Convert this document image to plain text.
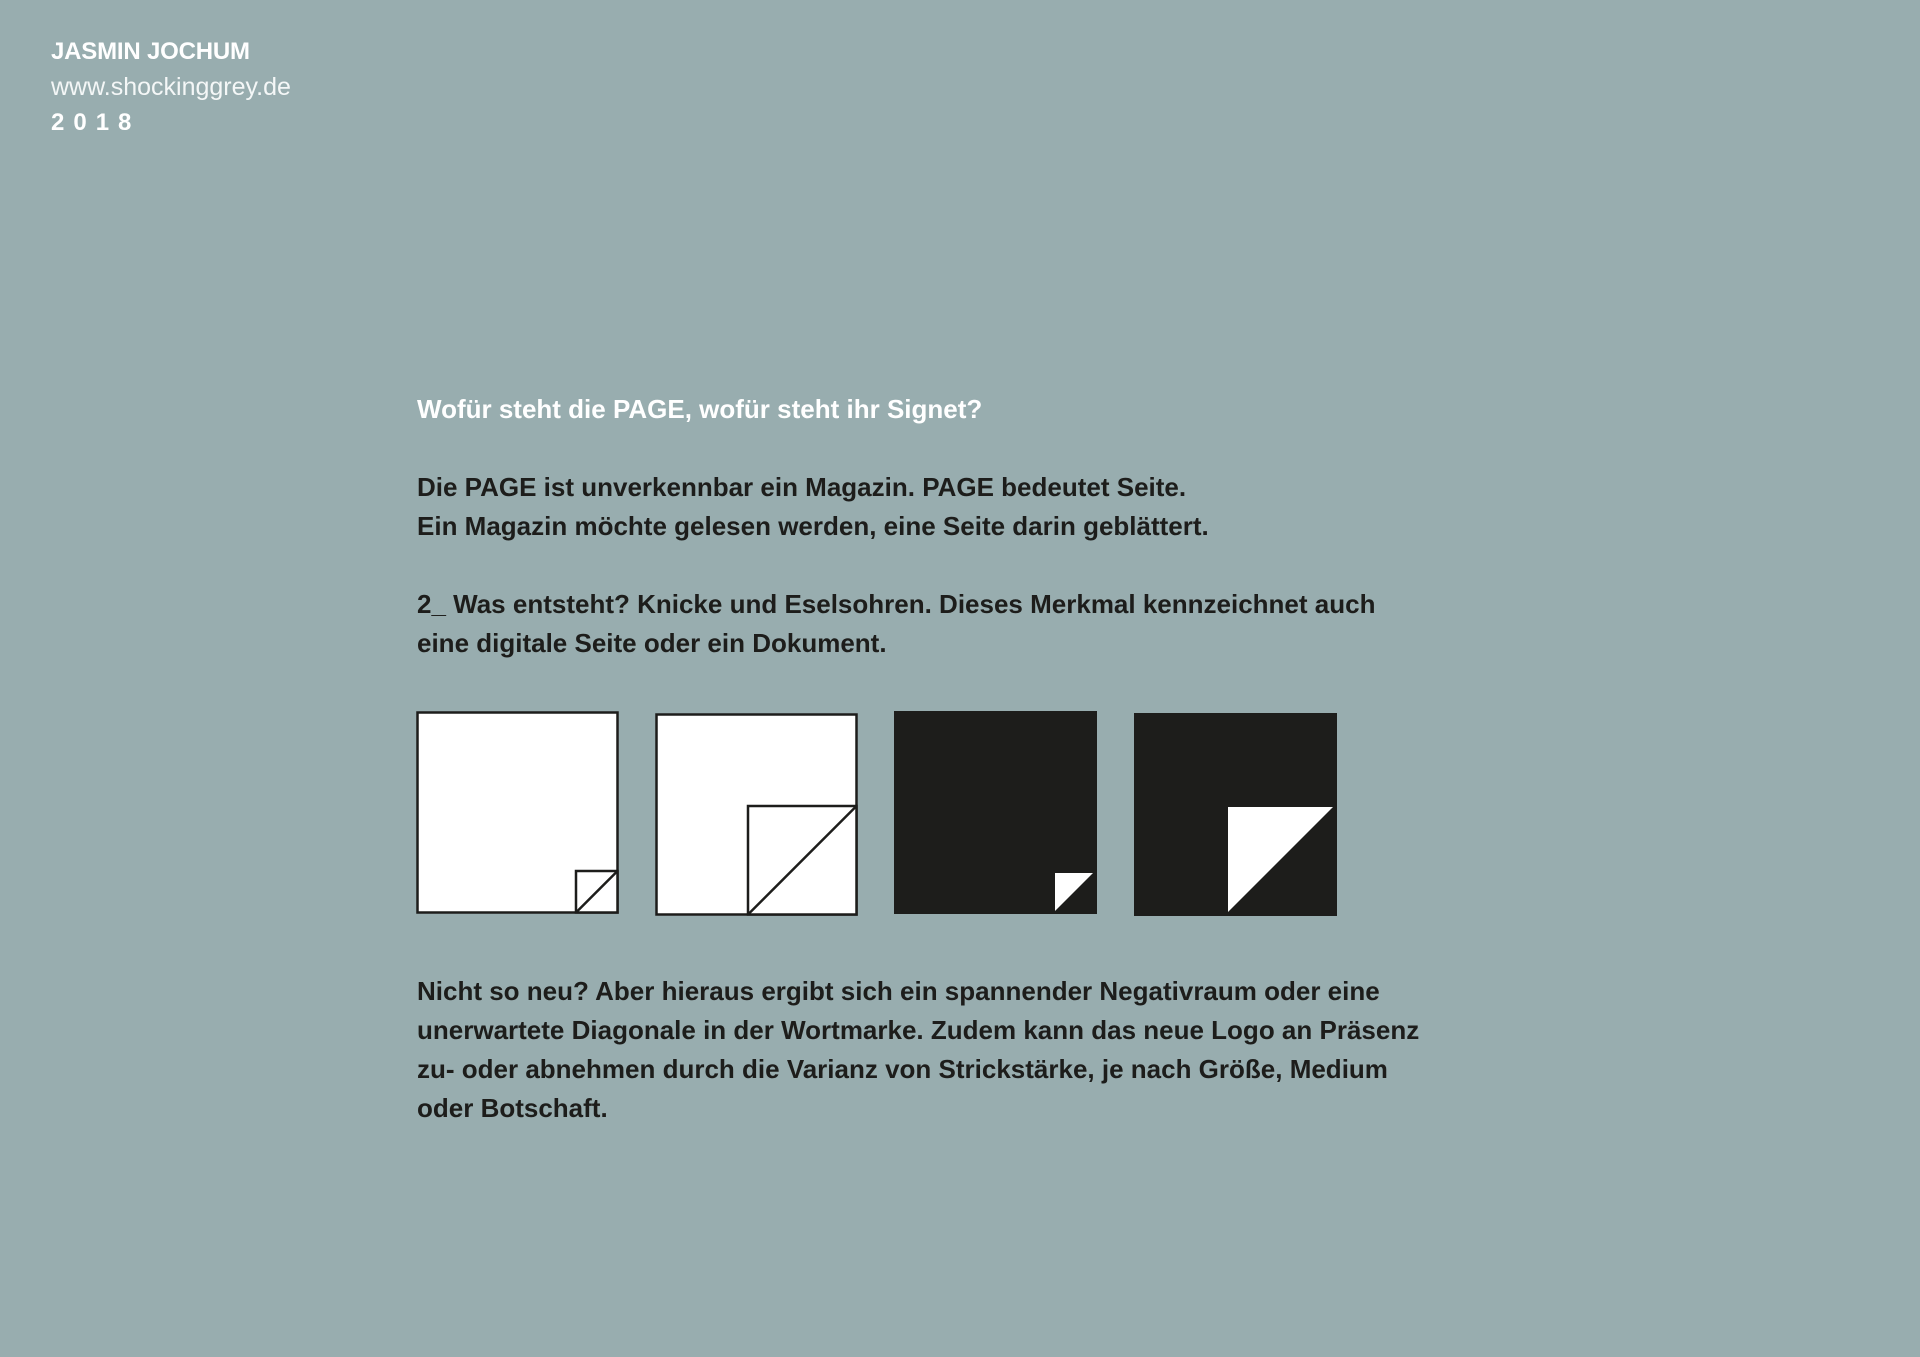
JASMIN JOCHUM
www.shockinggrey.de
2018

Wofür steht die PAGE, wofür steht ihr Signet?

Die PAGE ist unverkennbar ein Magazin. PAGE bedeutet Seite.

Ein Magazin möchte gelesen werden, eine Seite darin geblättert.

2_ Was entsteht? Knicke und Eselsohren. Dieses Merkmal kennzeichnet auch

eine digitale Seite oder ein Dokument.

Nicht so neu? Aber hieraus ergibt sich ein spannender Negativraum oder eine

unerwartete Diagonale in der Wortmarke. Zudem kann das neue Logo an Präsenz

zu- oder abnehmen durch die Varianz von Strickstärke, je nach Größe, Medium

oder Botschaft.
